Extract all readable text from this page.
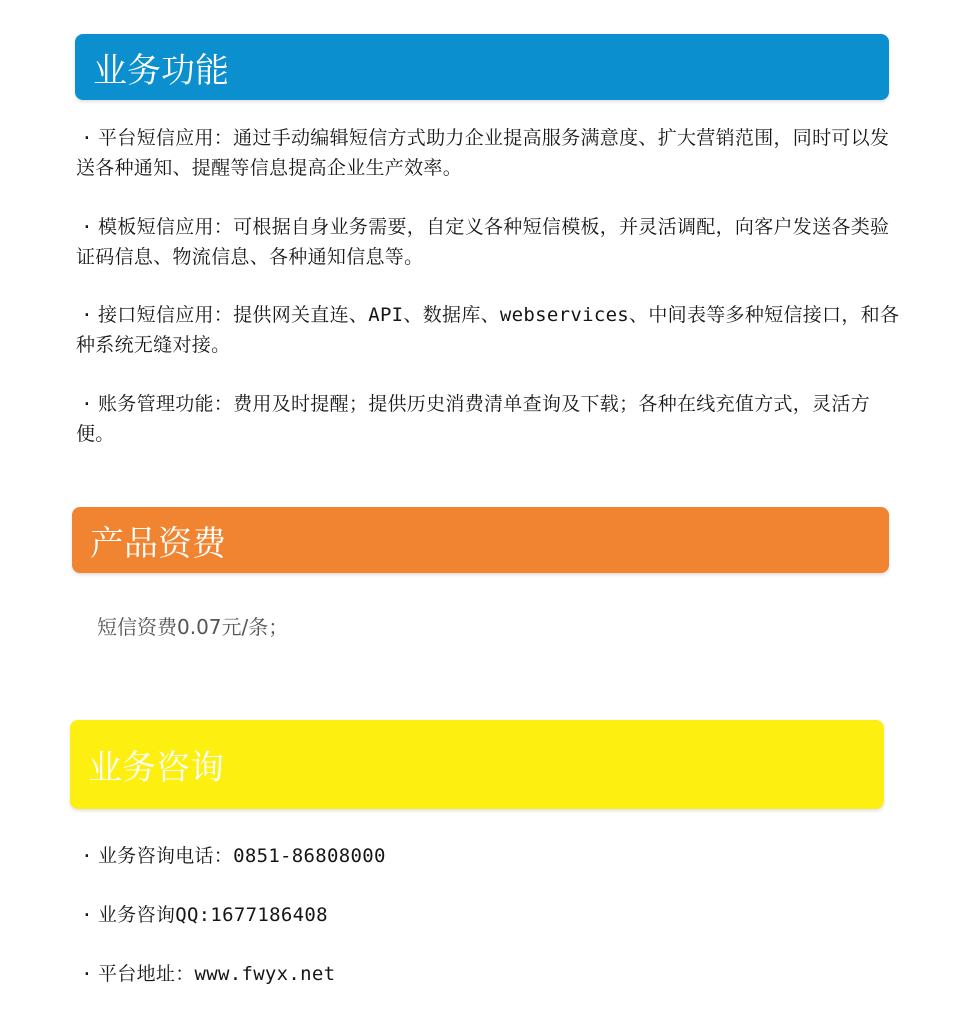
业务功能

· 平台短信应用：通过手动编辑短信方式助力企业提高服务满意度、扩大营销范围，同时可以发送各种通知、提醒等信息提高企业生产效率。

· 模板短信应用：可根据自身业务需要，自定义各种短信模板，并灵活调配，向客户发送各类验证码信息、物流信息、各种通知信息等。

· 接口短信应用：提供网关直连、API、数据库、webservices、中间表等多种短信接口，和各种系统无缝对接。

· 账务管理功能：费用及时提醒；提供历史消费清单查询及下载；各种在线充值方式，灵活方便。

产品资费

短信资费0.07元/条；

业务咨询

· 业务咨询电话：0851-86808000

· 业务咨询QQ:1677186408

· 平台地址：www.fwyx.net
